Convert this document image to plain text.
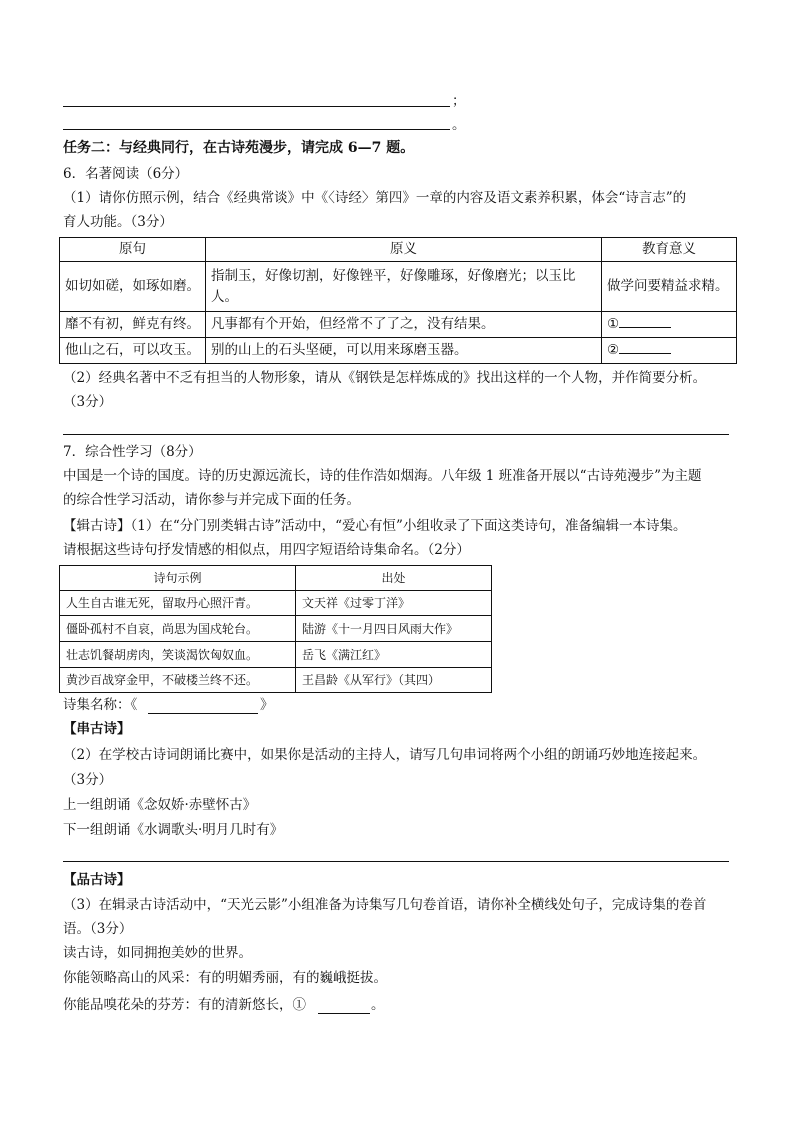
；
。
任务二：与经典同行，在古诗苑漫步，请完成 6—7 题。
6．名著阅读（6分）
（1）请你仿照示例，结合《经典常谈》中《〈诗经〉第四》一章的内容及语文素养积累，体会“诗言志”的
育人功能。（3分）
原句	原义	教育意义
如切如磋，如琢如磨。	指制玉，好像切割，好像锉平，好像雕琢，好像磨光；以玉比
人。	做学问要精益求精。
靡不有初，鲜克有终。	凡事都有个开始，但经常不了了之，没有结果。	①
他山之石，可以攻玉。	别的山上的石头坚硬，可以用来琢磨玉器。	②
（2）经典名著中不乏有担当的人物形象，请从《钢铁是怎样炼成的》找出这样的一个人物，并作简要分析。
（3分）
7．综合性学习（8分）
中国是一个诗的国度。诗的历史源远流长，诗的佳作浩如烟海。八年级 1 班准备开展以“古诗苑漫步”为主题
的综合性学习活动，请你参与并完成下面的任务。
【辑古诗】（1）在“分门别类辑古诗”活动中，“爱心有恒”小组收录了下面这类诗句，准备编辑一本诗集。
请根据这些诗句抒发情感的相似点，用四字短语给诗集命名。（2分）
诗句示例	出处
人生自古谁无死，留取丹心照汗青。	文天祥《过零丁洋》
僵卧孤村不自哀，尚思为国戍轮台。	陆游《十一月四日风雨大作》
壮志饥餐胡虏肉，笑谈渴饮匈奴血。	岳飞《满江红》
黄沙百战穿金甲，不破楼兰终不还。	王昌龄《从军行》（其四）
诗集名称：《	》
【串古诗】
（2）在学校古诗词朗诵比赛中，如果你是活动的主持人，请写几句串词将两个小组的朗诵巧妙地连接起来。
（3分）
上一组朗诵《念奴娇·赤壁怀古》
下一组朗诵《水调歌头·明月几时有》
【品古诗】
（3）在辑录古诗活动中，“天光云影”小组准备为诗集写几句卷首语，请你补全横线处句子，完成诗集的卷首
语。（3分）
读古诗，如同拥抱美妙的世界。
你能领略高山的风采：有的明媚秀丽，有的巍峨挺拔。
你能品嗅花朵的芬芳：有的清新悠长，①	。
